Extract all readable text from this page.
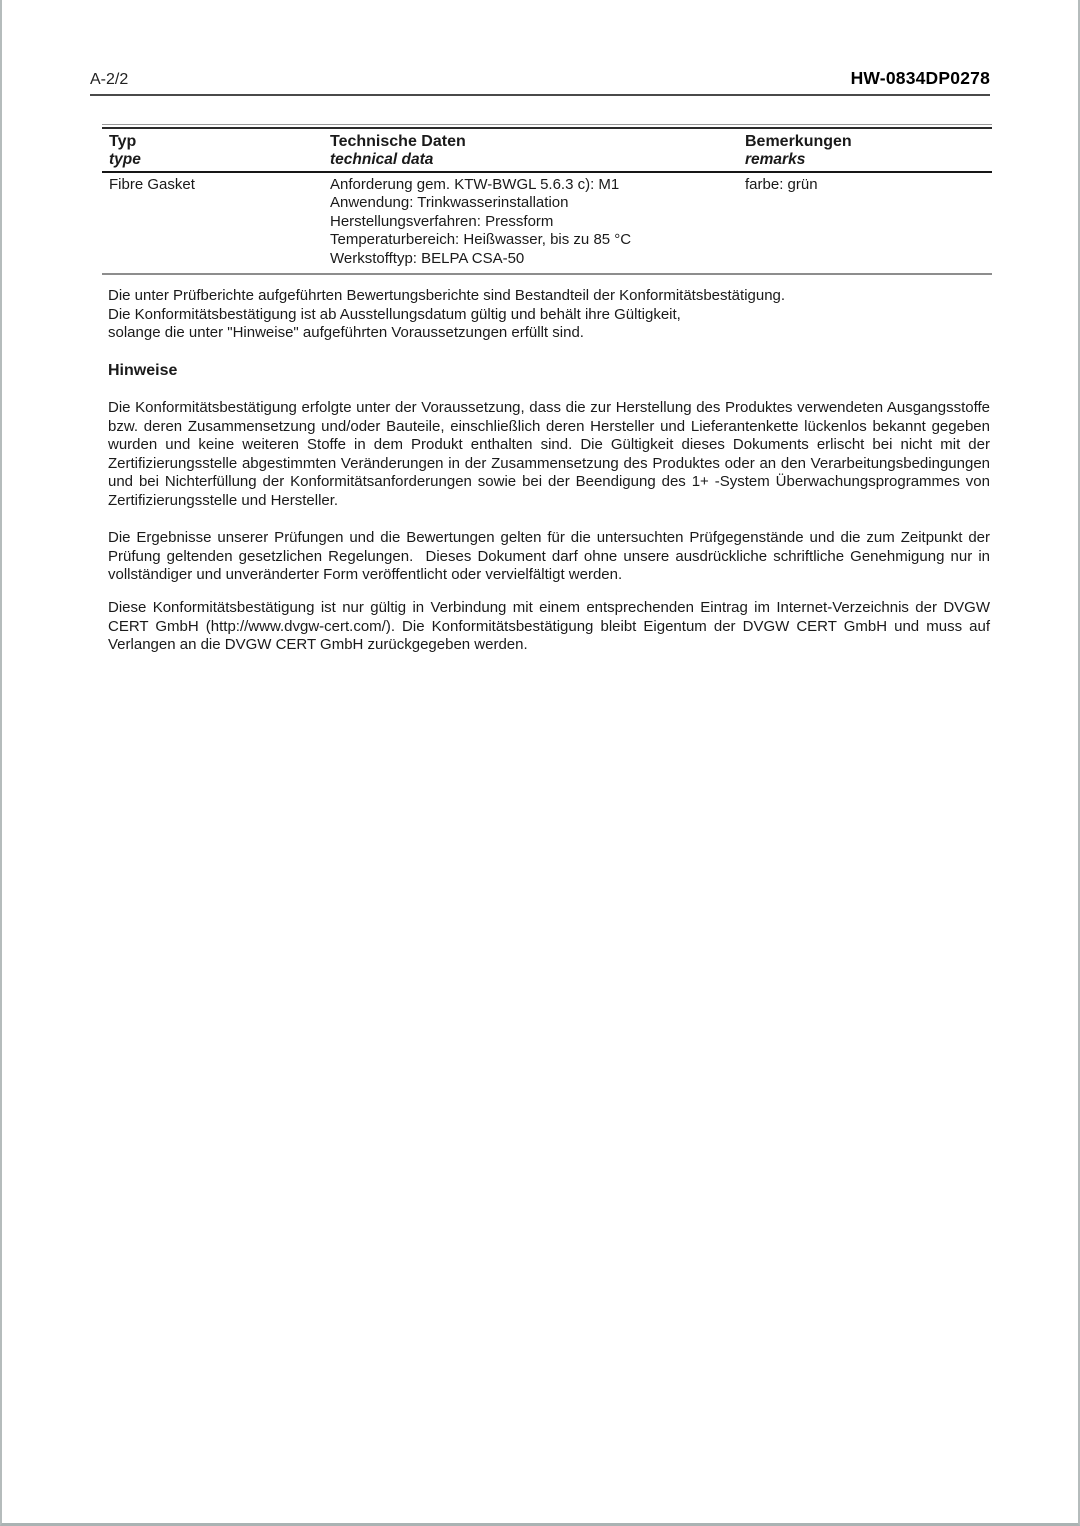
A-2/2	HW-0834DP0278
Typ
type
Technische Daten
technical data
Bemerkungen
remarks
Fibre Gasket	Anforderung gem. KTW-BWGL 5.6.3 c): M1
Anwendung: Trinkwasserinstallation
Herstellungsverfahren: Pressform
Temperaturbereich: Heißwasser, bis zu 85 °C
Werkstofftyp: BELPA CSA-50
farbe: grün
Die unter Prüfberichte aufgeführten Bewertungsberichte sind Bestandteil der Konformitätsbestätigung.
Die Konformitätsbestätigung ist ab Ausstellungsdatum gültig und behält ihre Gültigkeit,
solange die unter "Hinweise" aufgeführten Voraussetzungen erfüllt sind.
Hinweise
Die Konformitätsbestätigung erfolgte unter der Voraussetzung, dass die zur Herstellung des Produktes verwendeten Ausgangsstoffe bzw. deren Zusammensetzung und/oder Bauteile, einschließlich deren Hersteller und Lieferantenkette lückenlos bekannt gegeben wurden und keine weiteren Stoffe in dem Produkt enthalten sind. Die Gültigkeit dieses Dokuments erlischt bei nicht mit der Zertifizierungsstelle abgestimmten Veränderungen in der Zusammensetzung des Produktes oder an den Verarbeitungsbedingungen und bei Nichterfüllung der Konformitätsanforderungen sowie bei der Beendigung des 1+ -System Überwachungsprogrammes von Zertifizierungsstelle und Hersteller.
Die Ergebnisse unserer Prüfungen und die Bewertungen gelten für die untersuchten Prüfgegenstände und die zum Zeitpunkt der Prüfung geltenden gesetzlichen Regelungen.  Dieses Dokument darf ohne unsere ausdrückliche schriftliche Genehmigung nur in vollständiger und unveränderter Form veröffentlicht oder vervielfältigt werden.
Diese Konformitätsbestätigung ist nur gültig in Verbindung mit einem entsprechenden Eintrag im Internet-Verzeichnis der DVGW CERT GmbH (http://www.dvgw-cert.com/). Die Konformitätsbestätigung bleibt Eigentum der DVGW CERT GmbH und muss auf Verlangen an die DVGW CERT GmbH zurückgegeben werden.
